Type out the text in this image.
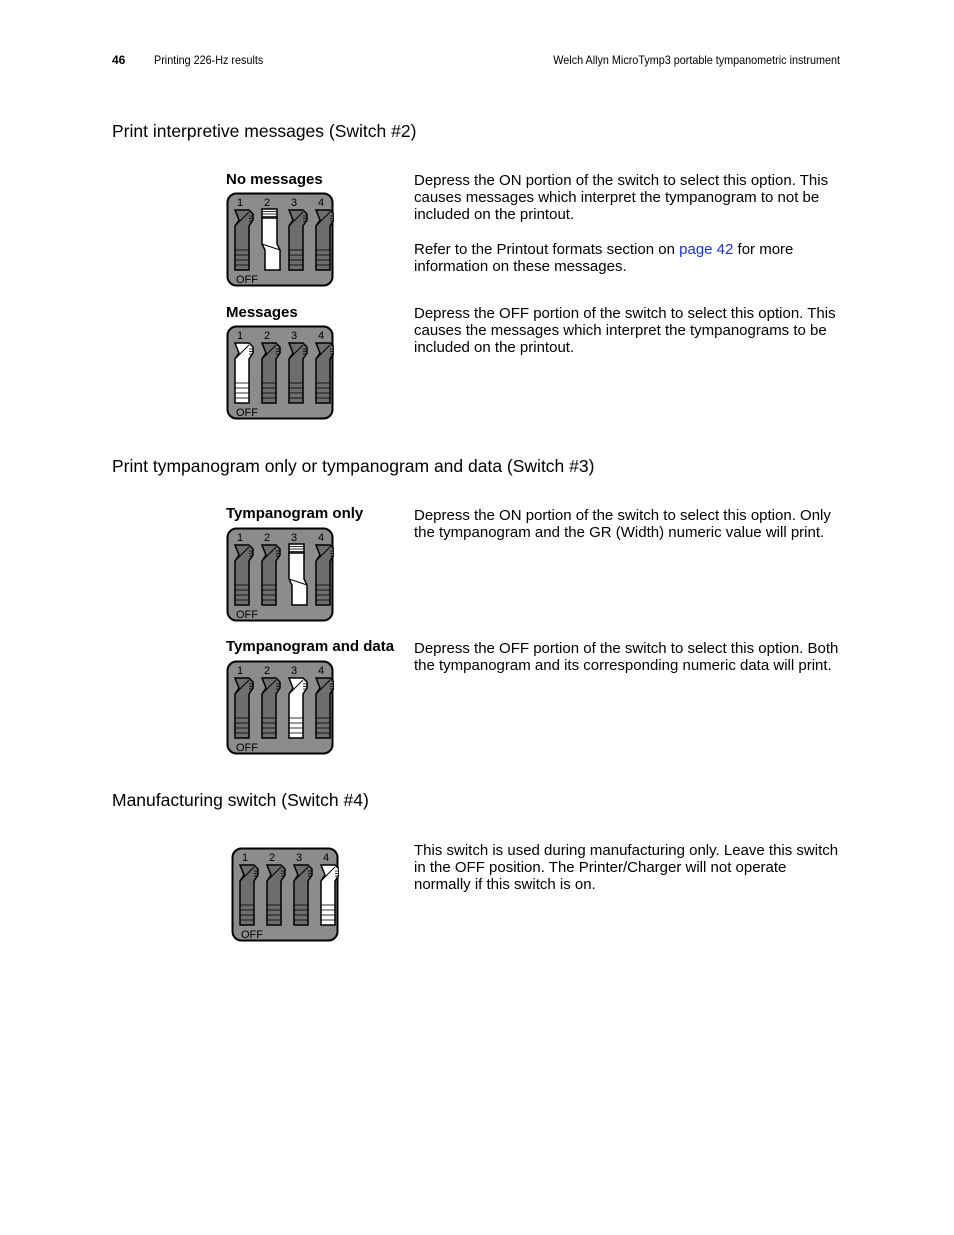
46 Printing 226-Hz results	Welch Allyn MicroTymp3 portable tympanometric instrument
Print interpretive messages (Switch #2)
No messages
1 2 3 4
OFF

Depress the ON portion of the switch to select this option. This causes messages which interpret the tympanogram to not be included on the printout.

Refer to the Printout formats section on page 42 for more information on these messages.

Messages
1 2 3 4
OFF

Depress the OFF portion of the switch to select this option. This causes the messages which interpret the tympanograms to be included on the printout.

Print tympanogram only or tympanogram and data (Switch #3)
Tympanogram only
1 2 3 4
OFF

Depress the ON portion of the switch to select this option. Only the tympanogram and the GR (Width) numeric value will print.

Tympanogram and data
1 2 3 4
OFF

Depress the OFF portion of the switch to select this option. Both the tympanogram and its corresponding numeric data will print.

Manufacturing switch (Switch #4)
1 2 3 4
OFF

This switch is used during manufacturing only. Leave this switch in the OFF position. The Printer/Charger will not operate normally if this switch is on.
